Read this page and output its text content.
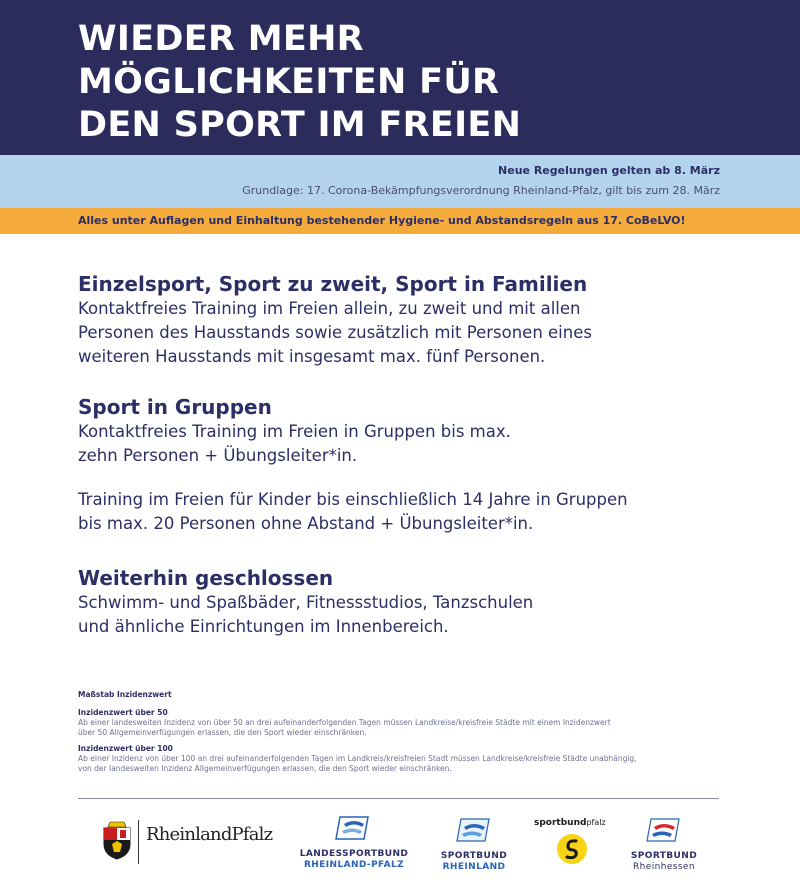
WIEDER MEHR
MÖGLICHKEITEN FÜR
DEN SPORT IM FREIEN
Neue Regelungen gelten ab 8. März
Grundlage: 17. Corona-Bekämpfungsverordnung Rheinland-Pfalz, gilt bis zum 28. März
Alles unter Auflagen und Einhaltung bestehender Hygiene- und Abstandsregeln aus 17. CoBeLVO!
Einzelsport, Sport zu zweit, Sport in Familien
Kontaktfreies Training im Freien allein, zu zweit und mit allen
Personen des Hausstands sowie zusätzlich mit Personen eines
weiteren Hausstands mit insgesamt max. fünf Personen.
Sport in Gruppen
Kontaktfreies Training im Freien in Gruppen bis max.
zehn Personen + Übungsleiter*in.
Training im Freien für Kinder bis einschließlich 14 Jahre in Gruppen
bis max. 20 Personen ohne Abstand + Übungsleiter*in.
Weiterhin geschlossen
Schwimm- und Spaßbäder, Fitnessstudios, Tanzschulen
und ähnliche Einrichtungen im Innenbereich.
Maßstab Inzidenzwert
Inzidenzwert über 50
Ab einer landesweiten Inzidenz von über 50 an drei aufeinanderfolgenden Tagen müssen Landkreise/kreisfreie Städte mit einem Inzidenzwert
über 50 Allgemeinverfügungen erlassen, die den Sport wieder einschränken.
Inzidenzwert über 100
Ab einer Inzidenz von über 100 an drei aufeinanderfolgenden Tagen im Landkreis/kreisfreien Stadt müssen Landkreise/kreisfreie Städte unabhängig,
von der landesweiten Inzidenz Allgemeinverfügungen erlassen, die den Sport wieder einschränken.
RheinlandPfalz
LANDESSPORTBUND
RHEINLAND-PFALZ
SPORTBUND
RHEINLAND
sportbundpfalz
SPORTBUND
Rheinhessen
